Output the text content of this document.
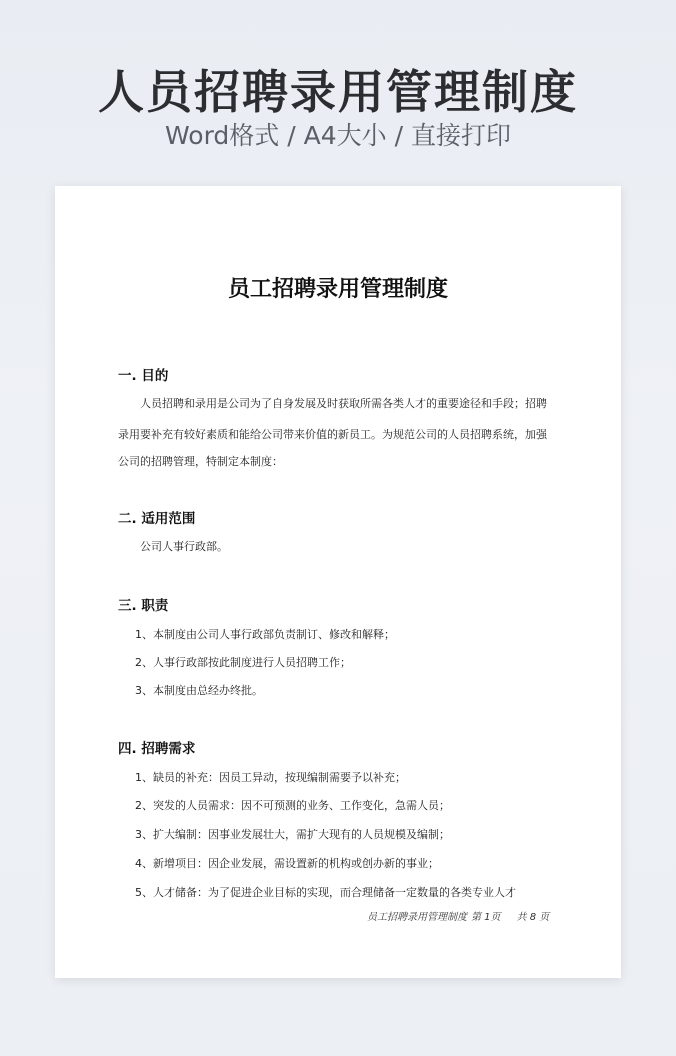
人员招聘录用管理制度
Word格式 / A4大小 / 直接打印
员工招聘录用管理制度
一. 目的
人员招聘和录用是公司为了自身发展及时获取所需各类人才的重要途径和手段；招聘
录用要补充有较好素质和能给公司带来价值的新员工。为规范公司的人员招聘系统，加强
公司的招聘管理，特制定本制度：
二. 适用范围
公司人事行政部。
三. 职责
1、本制度由公司人事行政部负责制订、修改和解释；
2、人事行政部按此制度进行人员招聘工作；
3、本制度由总经办终批。
四. 招聘需求
1、缺员的补充：因员工异动，按现编制需要予以补充；
2、突发的人员需求：因不可预测的业务、工作变化，急需人员；
3、扩大编制：因事业发展壮大，需扩大现有的人员规模及编制；
4、新增项目：因企业发展，需设置新的机构或创办新的事业；
5、人才储备：为了促进企业目标的实现，而合理储备一定数量的各类专业人才
员工招聘录用管理制度 第 1页 共 8 页
